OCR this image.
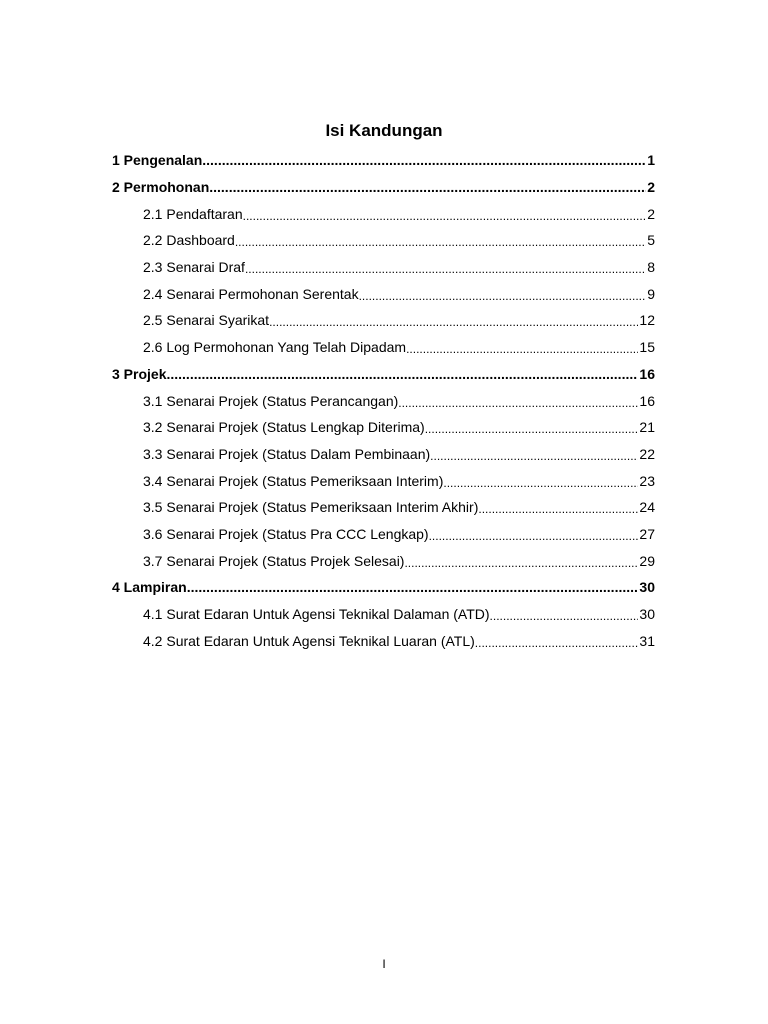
Isi Kandungan
1 Pengenalan .....	1
2 Permohonan .....	2
2.1 Pendaftaran .....	2
2.2 Dashboard .....	5
2.3 Senarai Draf .....	8
2.4 Senarai Permohonan Serentak .....	9
2.5 Senarai Syarikat .....	12
2.6 Log Permohonan Yang Telah Dipadam .....	15
3 Projek .....	16
3.1 Senarai Projek (Status Perancangan) .....	16
3.2 Senarai Projek (Status Lengkap Diterima) .....	21
3.3 Senarai Projek (Status Dalam Pembinaan) .....	22
3.4 Senarai Projek (Status Pemeriksaan Interim) .....	23
3.5 Senarai Projek (Status Pemeriksaan Interim Akhir) .....	24
3.6 Senarai Projek (Status Pra CCC Lengkap) .....	27
3.7 Senarai Projek (Status Projek Selesai) .....	29
4 Lampiran .....	30
4.1 Surat Edaran Untuk Agensi Teknikal Dalaman (ATD) .....	30
4.2 Surat Edaran Untuk Agensi Teknikal Luaran (ATL) .....	31
I
